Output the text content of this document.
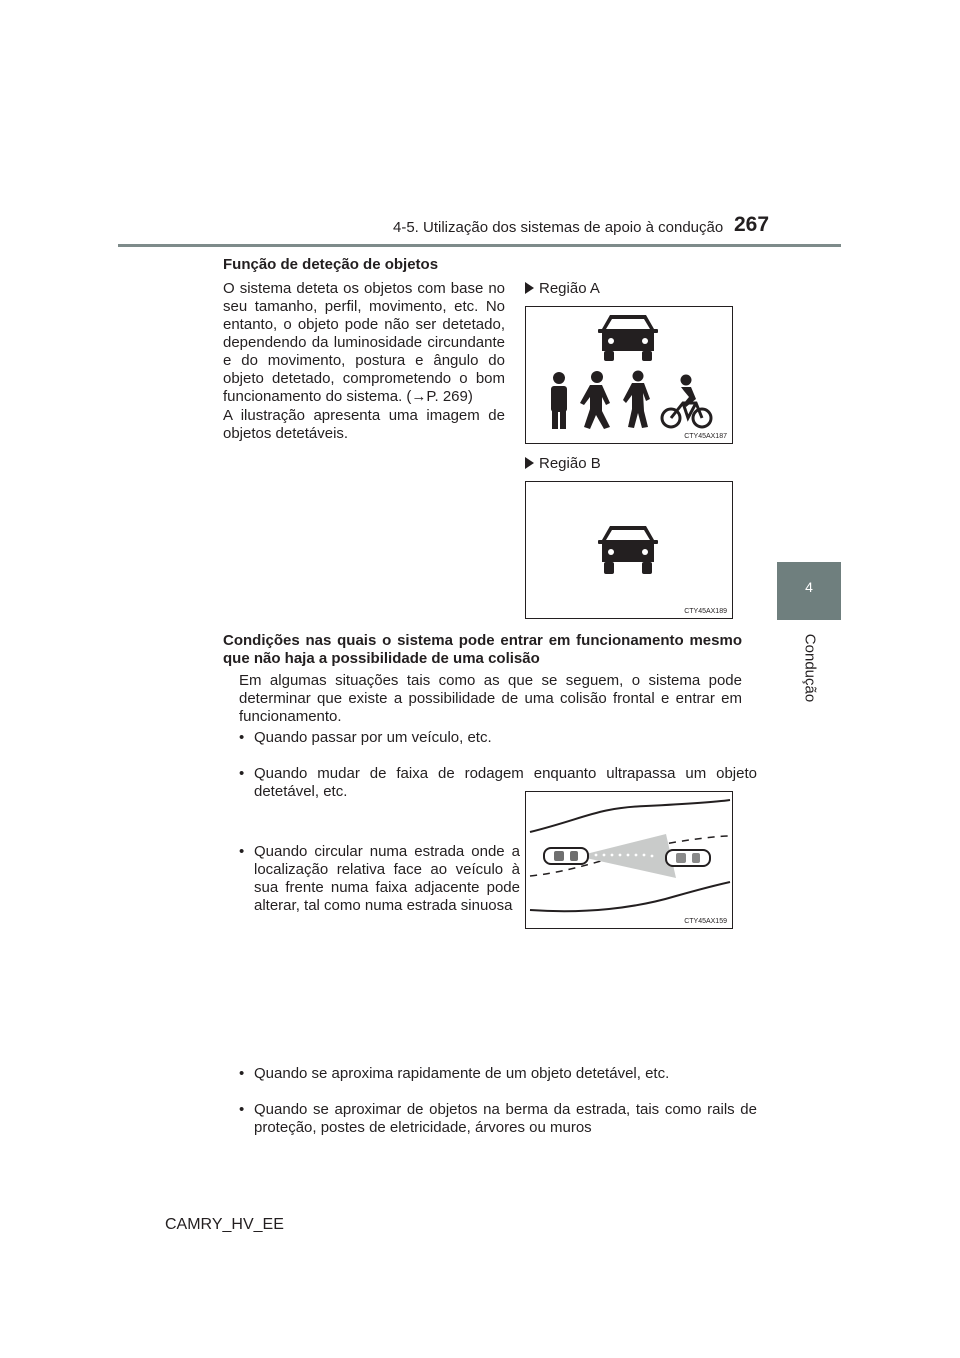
4-5. Utilização dos sistemas de apoio à condução 267
4
Condução
Função de deteção de objetos
O sistema deteta os objetos com base no seu tamanho, perfil, movimento, etc. No entanto, o objeto pode não ser detetado, dependendo da luminosidade circundante e do movimento, postura e ângulo do objeto detetado, comprometendo o bom funcionamento do sistema. (→P. 269)
A ilustração apresenta uma imagem de objetos detetáveis.
Região A
CTY45AX187
Região B
CTY45AX189
Condições nas quais o sistema pode entrar em funcionamento mesmo que não haja a possibilidade de uma colisão
Em algumas situações tais como as que se seguem, o sistema pode determinar que existe a possibilidade de uma colisão frontal e entrar em funcionamento.
• Quando passar por um veículo, etc.
• Quando mudar de faixa de rodagem enquanto ultrapassa um objeto detetável, etc.
• Quando circular numa estrada onde a localização relativa face ao veículo à sua frente numa faixa adjacente pode alterar, tal como numa estrada sinuosa
CTY45AX159
• Quando se aproxima rapidamente de um objeto detetável, etc.
• Quando se aproximar de objetos na berma da estrada, tais como rails de proteção, postes de eletricidade, árvores ou muros
CAMRY_HV_EE
